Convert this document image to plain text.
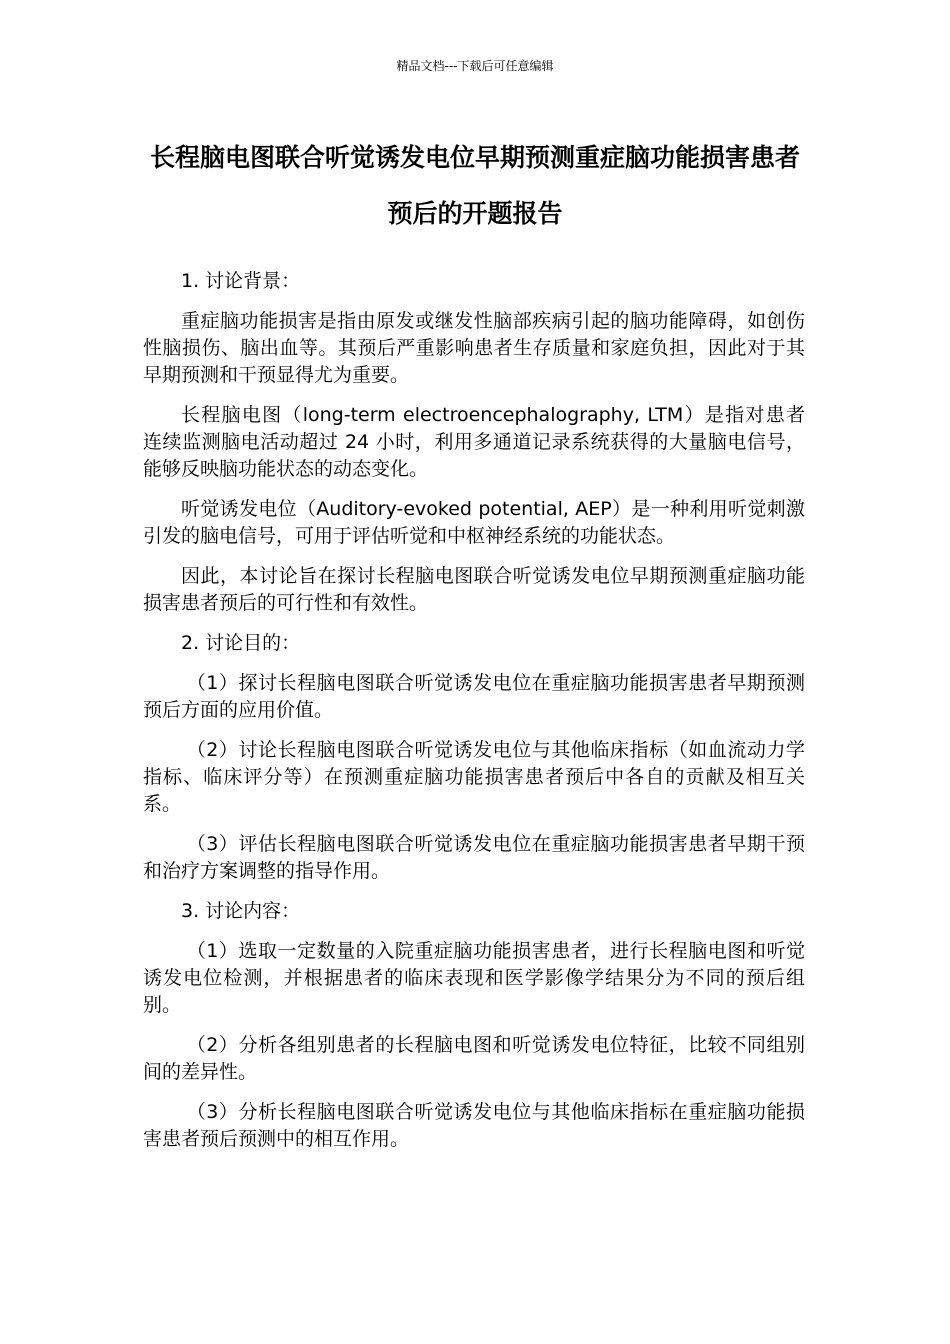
精品文档---下载后可任意编辑
长程脑电图联合听觉诱发电位早期预测重症脑功能损害患者预后的开题报告

1. 讨论背景：

重症脑功能损害是指由原发或继发性脑部疾病引起的脑功能障碍，如创伤性脑损伤、脑出血等。其预后严重影响患者生存质量和家庭负担，因此对于其早期预测和干预显得尤为重要。

长程脑电图（long-term electroencephalography, LTM）是指对患者连续监测脑电活动超过 24 小时，利用多通道记录系统获得的大量脑电信号，能够反映脑功能状态的动态变化。

听觉诱发电位（Auditory-evoked potential, AEP）是一种利用听觉刺激引发的脑电信号，可用于评估听觉和中枢神经系统的功能状态。

因此，本讨论旨在探讨长程脑电图联合听觉诱发电位早期预测重症脑功能损害患者预后的可行性和有效性。

2. 讨论目的：

（1）探讨长程脑电图联合听觉诱发电位在重症脑功能损害患者早期预测预后方面的应用价值。

（2）讨论长程脑电图联合听觉诱发电位与其他临床指标（如血流动力学指标、临床评分等）在预测重症脑功能损害患者预后中各自的贡献及相互关系。

（3）评估长程脑电图联合听觉诱发电位在重症脑功能损害患者早期干预和治疗方案调整的指导作用。

3. 讨论内容：

（1）选取一定数量的入院重症脑功能损害患者，进行长程脑电图和听觉诱发电位检测，并根据患者的临床表现和医学影像学结果分为不同的预后组别。

（2）分析各组别患者的长程脑电图和听觉诱发电位特征，比较不同组别间的差异性。

（3）分析长程脑电图联合听觉诱发电位与其他临床指标在重症脑功能损害患者预后预测中的相互作用。
